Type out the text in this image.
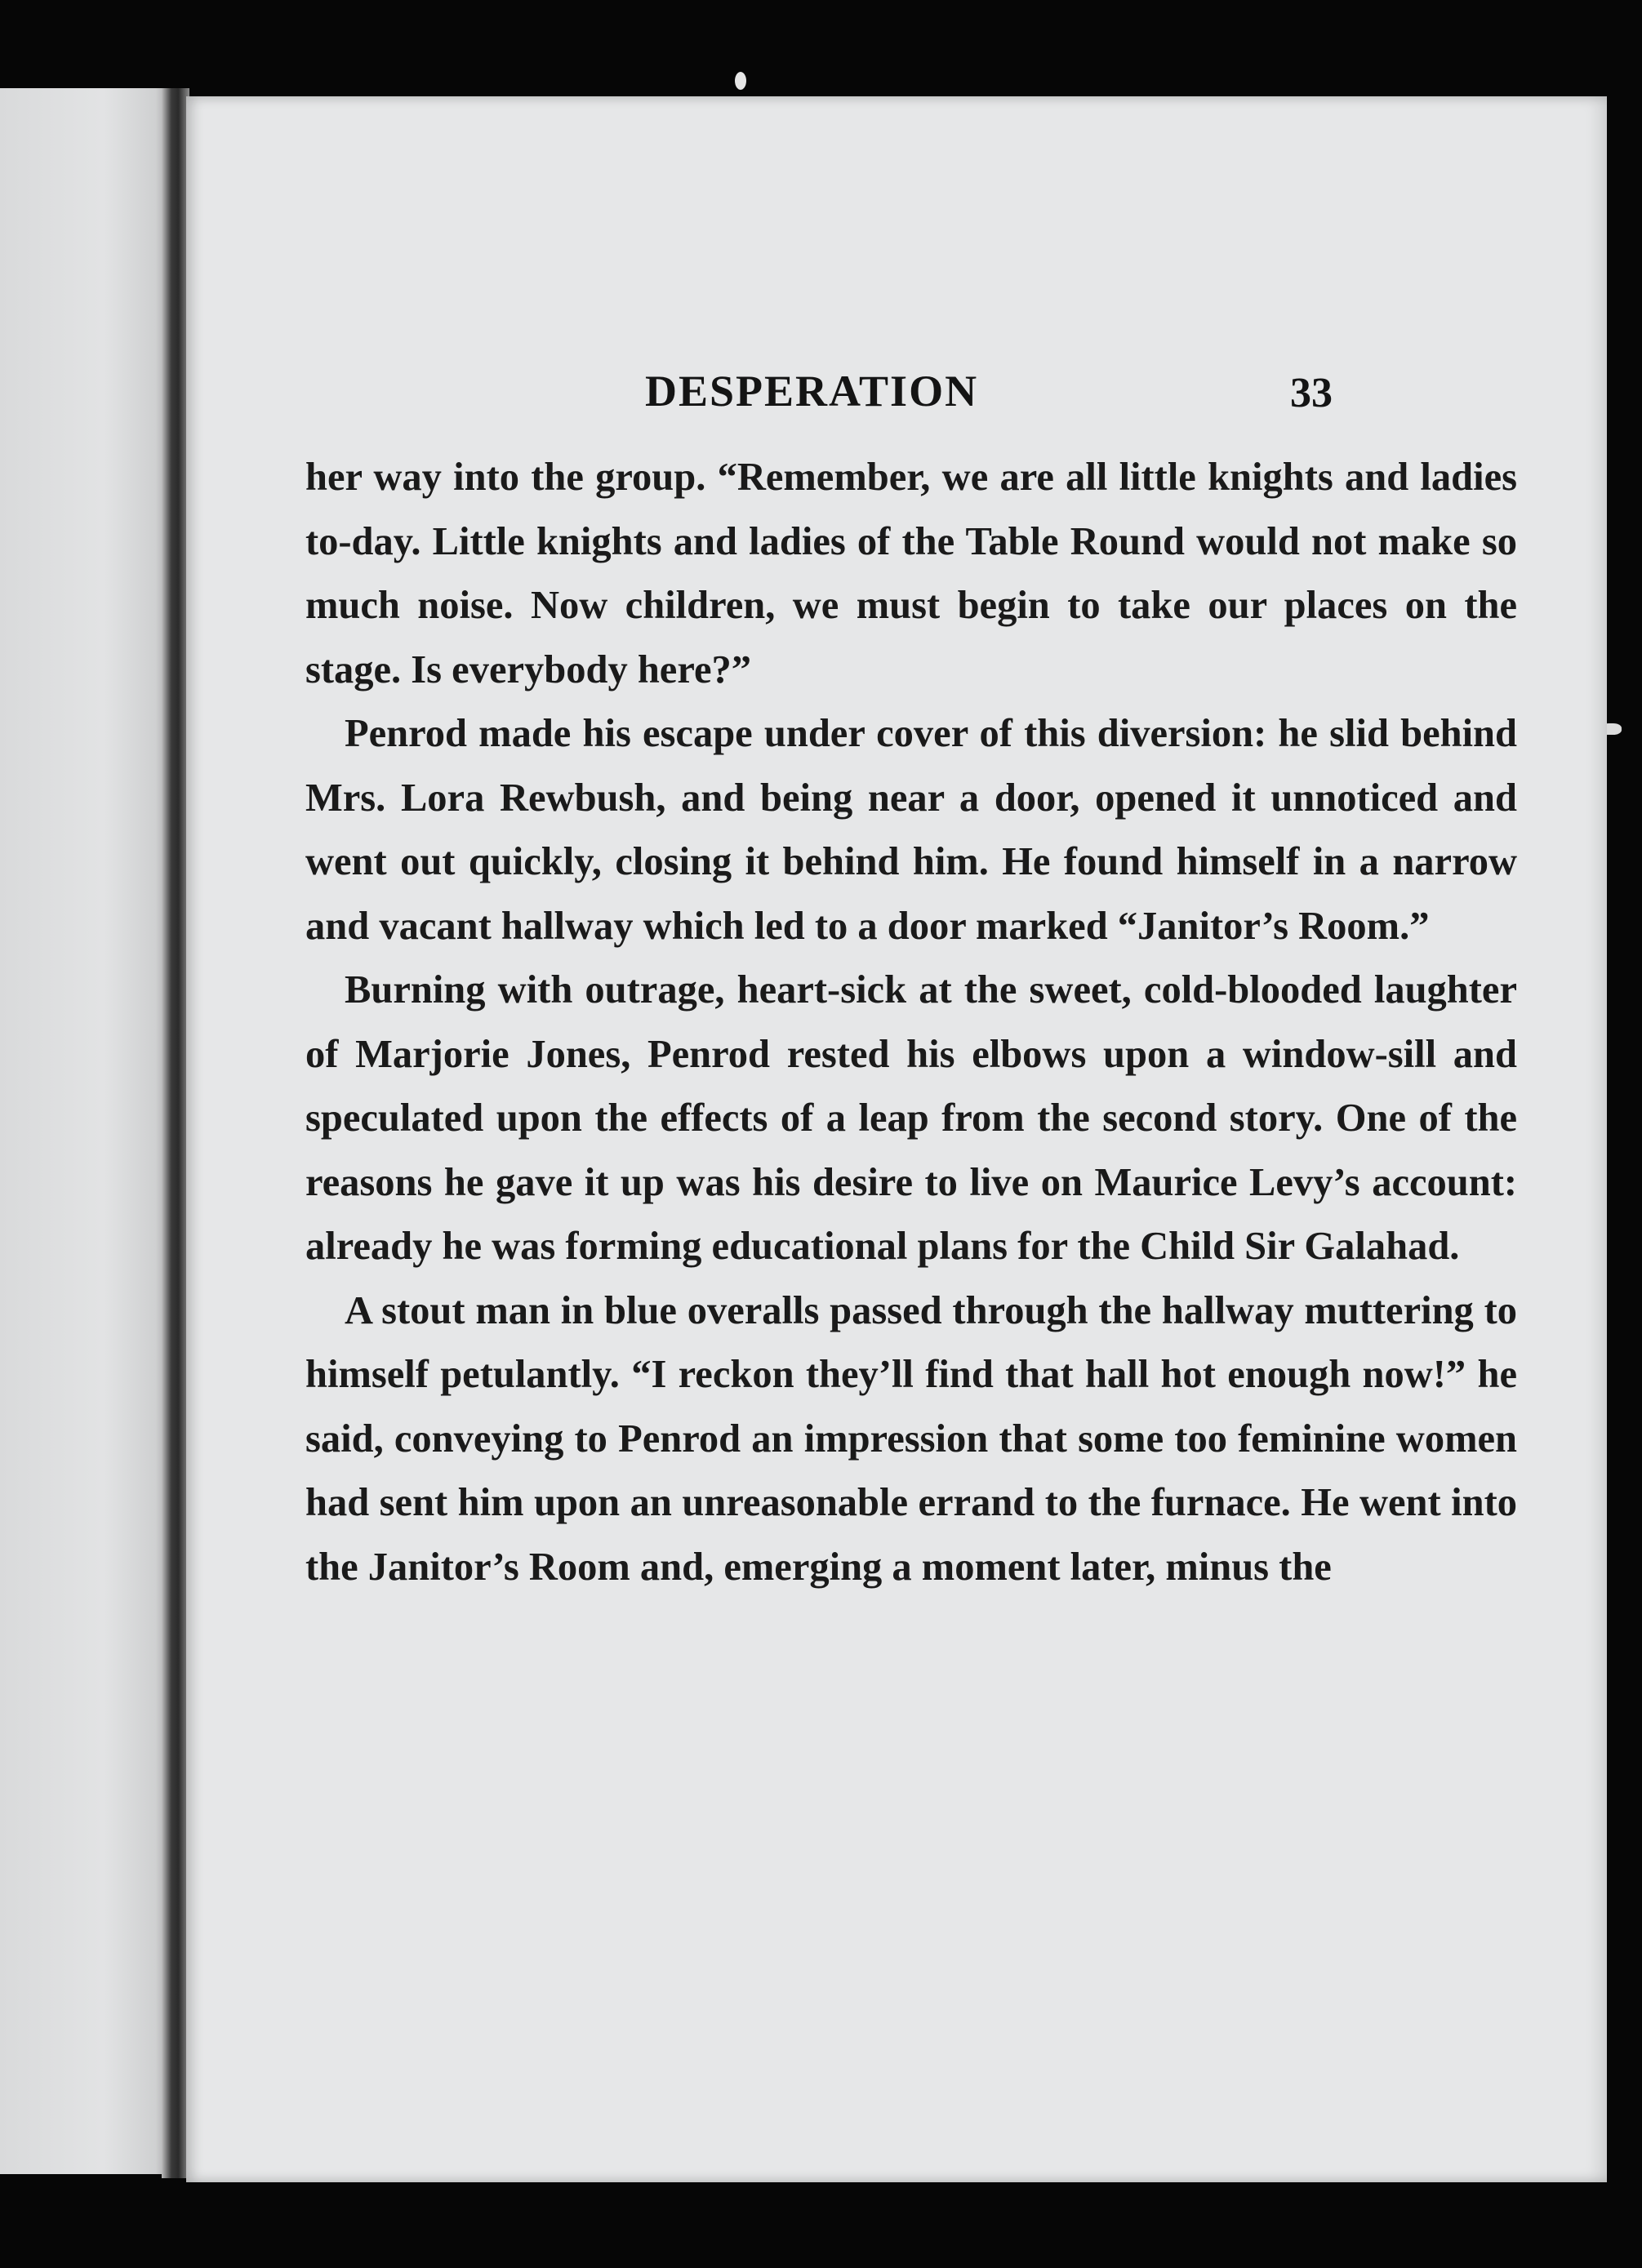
DESPERATION	33

her way into the group. “Remember, we are all little knights and ladies to-day. Little knights and ladies of the Table Round would not make so much noise. Now children, we must begin to take our places on the stage. Is everybody here?”

Penrod made his escape under cover of this diversion: he slid behind Mrs. Lora Rewbush, and being near a door, opened it unnoticed and went out quickly, closing it behind him. He found himself in a narrow and vacant hallway which led to a door marked “Janitor’s Room.”

Burning with outrage, heart-sick at the sweet, cold-blooded laughter of Marjorie Jones, Penrod rested his elbows upon a window-sill and speculated upon the effects of a leap from the second story. One of the reasons he gave it up was his desire to live on Maurice Levy’s account: already he was forming educational plans for the Child Sir Galahad.

A stout man in blue overalls passed through the hallway muttering to himself petulantly. “I reckon they’ll find that hall hot enough now!” he said, conveying to Penrod an impression that some too feminine women had sent him upon an unreasonable errand to the furnace. He went into the Janitor’s Room and, emerging a moment later, minus the
